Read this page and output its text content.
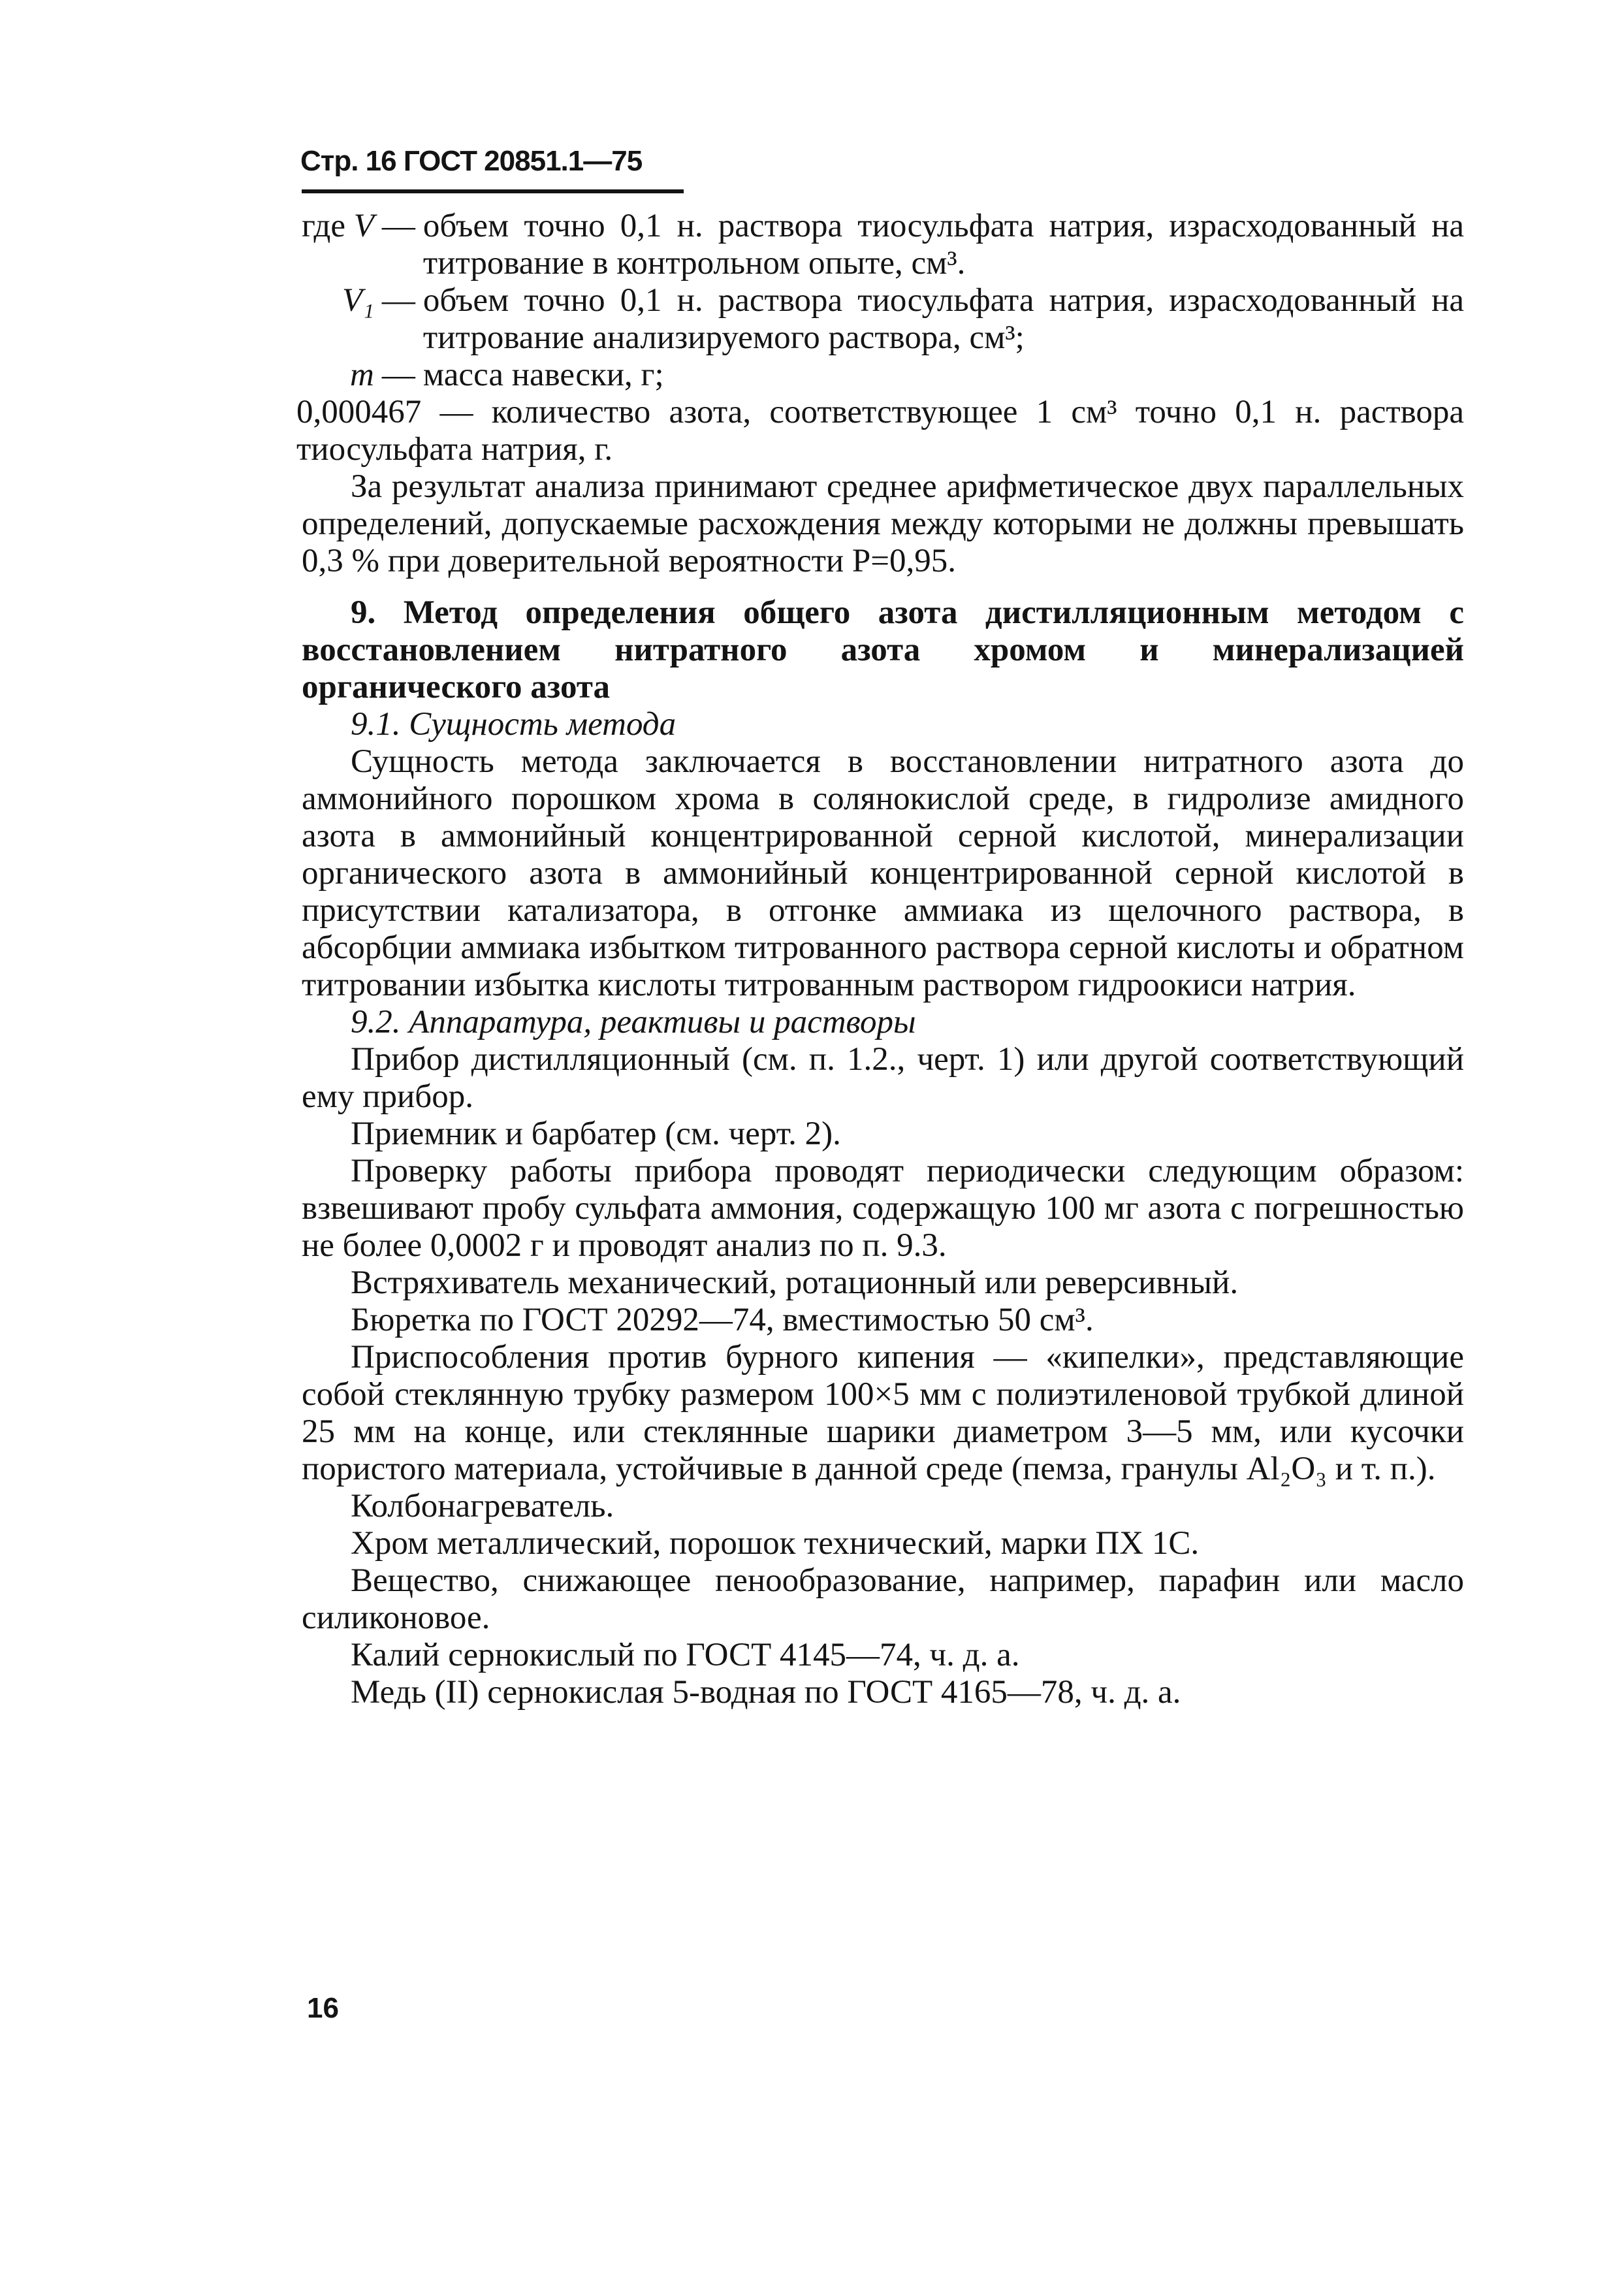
Стр. 16 ГОСТ 20851.1—75
где V — объем точно 0,1 н. раствора тиосульфата натрия, израсходованный на титрование в контрольном опыте, см³.
V₁ — объем точно 0,1 н. раствора тиосульфата натрия, израсходованный на титрование анализируемого раствора, см³;
m — масса навески, г;
0,000467 — количество азота, соответствующее 1 см³ точно 0,1 н. раствора тиосульфата натрия, г.

За результат анализа принимают среднее арифметическое двух параллельных определений, допускаемые расхождения между которыми не должны превышать 0,3 % при доверительной вероятности P=0,95.

9. Метод определения общего азота дистилляционным методом с восстановлением нитратного азота хромом и минерализацией органического азота

9.1. Сущность метода

Сущность метода заключается в восстановлении нитратного азота до аммонийного порошком хрома в солянокислой среде, в гидролизе амидного азота в аммонийный концентрированной серной кислотой, минерализации органического азота в аммонийный концентрированной серной кислотой в присутствии катализатора, в отгонке аммиака из щелочного раствора, в абсорбции аммиака избытком титрованного раствора серной кислоты и обратном титровании избытка кислоты титрованным раствором гидроокиси натрия.

9.2. Аппаратура, реактивы и растворы

Прибор дистилляционный (см. п. 1.2., черт. 1) или другой соответствующий ему прибор.

Приемник и барбатер (см. черт. 2).

Проверку работы прибора проводят периодически следующим образом: взвешивают пробу сульфата аммония, содержащую 100 мг азота с погрешностью не более 0,0002 г и проводят анализ по п. 9.3.

Встряхиватель механический, ротационный или реверсивный.

Бюретка по ГОСТ 20292—74, вместимостью 50 см³.

Приспособления против бурного кипения — «кипелки», представляющие собой стеклянную трубку размером 100×5 мм с полиэтиленовой трубкой длиной 25 мм на конце, или стеклянные шарики диаметром 3—5 мм, или кусочки пористого материала, устойчивые в данной среде (пемза, гранулы Al₂O₃ и т. п.).

Колбонагреватель.

Хром металлический, порошок технический, марки ПХ 1С.

Вещество, снижающее пенообразование, например, парафин или масло силиконовое.

Калий сернокислый по ГОСТ 4145—74, ч. д. а.

Медь (II) сернокислая 5-водная по ГОСТ 4165—78, ч. д. а.

16
